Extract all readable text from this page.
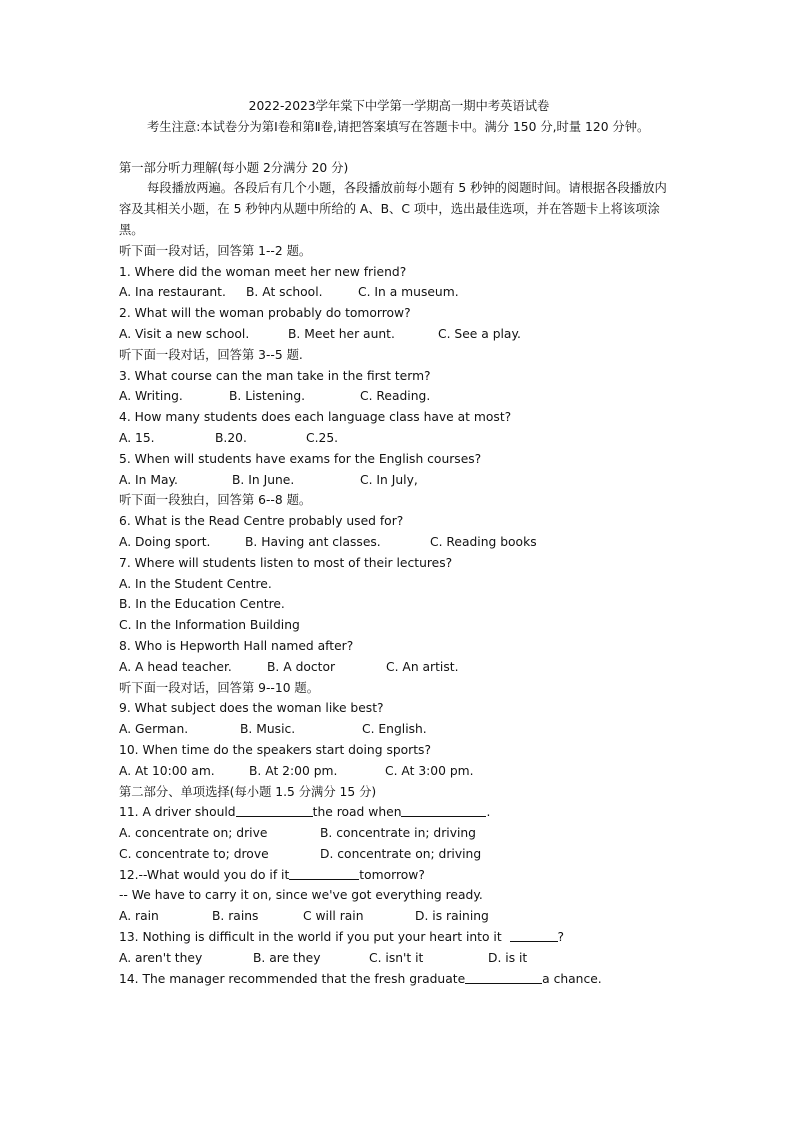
2022-2023学年棠下中学第一学期高一期中考英语试卷
考生注意:本试卷分为第Ⅰ卷和第Ⅱ卷,请把答案填写在答题卡中。满分 150 分,时量 120 分钟。
第一部分听力理解(每小题 2分满分 20 分)
每段播放两遍。各段后有几个小题，各段播放前每小题有 5 秒钟的阅题时间。请根据各段播放内容及其相关小题，在 5 秒钟内从题中所给的 A、B、C 项中，选出最佳选项，并在答题卡上将该项涂黑。
听下面一段对话，回答第 1--2 题。
1. Where did the woman meet her new friend?
A. Ina restaurant. B. At school.	C. In a museum.
2. What will the woman probably do tomorrow?
A. Visit a new school.	B. Meet her aunt.	C. See a play.
听下面一段对话，回答第 3--5 题.
3. What course can the man take in the first term?
A. Writing.	B. Listening.	C. Reading.
4. How many students does each language class have at most?
A. 15.	B.20.	C.25.
5. When will students have exams for the English courses?
A. In May.	B. In June.	C. In July,
听下面一段独白，回答第 6--8 题。
6. What is the Read Centre probably used for?
A. Doing sport.	B. Having ant classes.	C. Reading books
7. Where will students listen to most of their lectures?
A. In the Student Centre.
B. In the Education Centre.
C. In the Information Building
8. Who is Hepworth Hall named after?
A. A head teacher.	B. A doctor	C. An artist.
听下面一段对话，回答第 9--10 题。
9. What subject does the woman like best?
A. German.	B. Music.	C. English.
10. When time do the speakers start doing sports?
A. At 10:00 am.	B. At 2:00 pm.	C. At 3:00 pm.
第二部分、单项选择(每小题 1.5 分满分 15 分)
11. A driver should	the road when	.
A. concentrate on; drive	B. concentrate in; driving
C. concentrate to; drove	D. concentrate on; driving
12.--What would you do if it	tomorrow?
-- We have to carry it on, since we've got everything ready.
A. rain	B. rains	C will rain	D. is raining
13. Nothing is difficult in the world if you put your heart into it	?
A. aren't they	B. are they	C. isn't it	D. is it
14. The manager recommended that the fresh graduate	a chance.
